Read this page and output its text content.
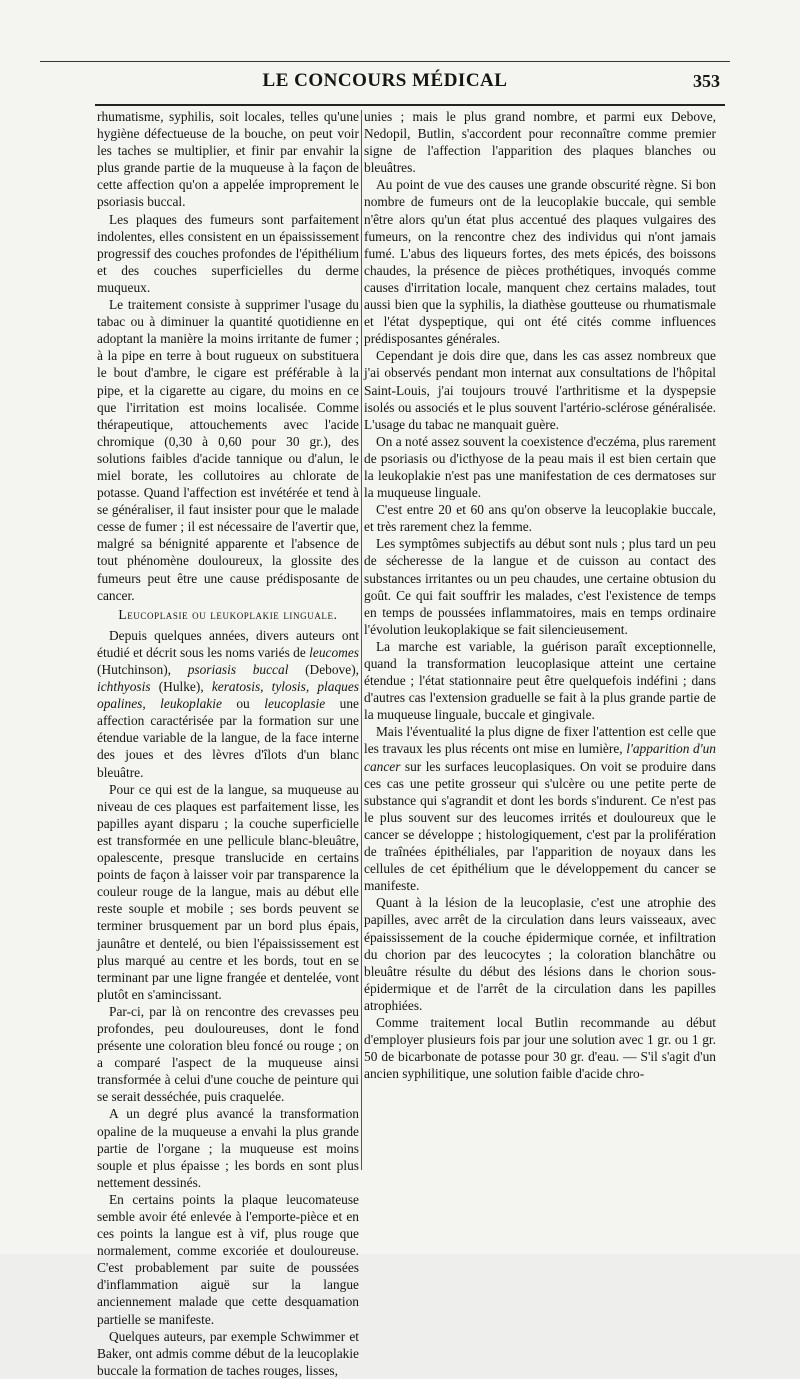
LE CONCOURS MÉDICAL	353

rhumatisme, syphilis, soit locales, telles qu'une hygiène défectueuse de la bouche, on peut voir les taches se multiplier, et finir par envahir la plus grande partie de la muqueuse à la façon de cette affection qu'on a appelée improprement le psoriasis buccal.

Les plaques des fumeurs sont parfaitement indolentes, elles consistent en un épaississement progressif des couches profondes de l'épithélium et des couches superficielles du derme muqueux.

Le traitement consiste à supprimer l'usage du tabac ou à diminuer la quantité quotidienne en adoptant la manière la moins irritante de fumer ; à la pipe en terre à bout rugueux on substituera le bout d'ambre, le cigare est préférable à la pipe, et la cigarette au cigare, du moins en ce que l'irritation est moins localisée. Comme thérapeutique, attouchements avec l'acide chromique (0,30 à 0,60 pour 30 gr.), des solutions faibles d'acide tannique ou d'alun, le miel borate, les collutoires au chlorate de potasse. Quand l'affection est invétérée et tend à se généraliser, il faut insister pour que le malade cesse de fumer ; il est nécessaire de l'avertir que, malgré sa bénignité apparente et l'absence de tout phénomène douloureux, la glossite des fumeurs peut être une cause prédisposante de cancer.

Leucoplasie ou leukoplakie linguale.

Depuis quelques années, divers auteurs ont étudié et décrit sous les noms variés de leucomes (Hutchinson), psoriasis buccal (Debove), ichthyosis (Hulke), keratosis, tylosis, plaques opalines, leukoplakie ou leucoplasie une affection caractérisée par la formation sur une étendue variable de la langue, de la face interne des joues et des lèvres d'îlots d'un blanc bleuâtre.

Pour ce qui est de la langue, sa muqueuse au niveau de ces plaques est parfaitement lisse, les papilles ayant disparu ; la couche superficielle est transformée en une pellicule blanc-bleuâtre, opalescente, presque translucide en certains points de façon à laisser voir par transparence la couleur rouge de la langue, mais au début elle reste souple et mobile ; ses bords peuvent se terminer brusquement par un bord plus épais, jaunâtre et dentelé, ou bien l'épaississement est plus marqué au centre et les bords, tout en se terminant par une ligne frangée et dentelée, vont plutôt en s'amincissant.

Par-ci, par là on rencontre des crevasses peu profondes, peu douloureuses, dont le fond présente une coloration bleu foncé ou rouge ; on a comparé l'aspect de la muqueuse ainsi transformée à celui d'une couche de peinture qui se serait desséchée, puis craquelée.

A un degré plus avancé la transformation opaline de la muqueuse a envahi la plus grande partie de l'organe ; la muqueuse est moins souple et plus épaisse ; les bords en sont plus nettement dessinés.

En certains points la plaque leucomateuse semble avoir été enlevée à l'emporte-pièce et en ces points la langue est à vif, plus rouge que normalement, comme excoriée et douloureuse. C'est probablement par suite de poussées d'inflammation aiguë sur la langue anciennement malade que cette desquamation partielle se manifeste.

Quelques auteurs, par exemple Schwimmer et Baker, ont admis comme début de la leucoplakie buccale la formation de taches rouges, lisses,

unies ; mais le plus grand nombre, et parmi eux Debove, Nedopil, Butlin, s'accordent pour reconnaître comme premier signe de l'affection l'apparition des plaques blanches ou bleuâtres.

Au point de vue des causes une grande obscurité règne. Si bon nombre de fumeurs ont de la leucoplakie buccale, qui semble n'être alors qu'un état plus accentué des plaques vulgaires des fumeurs, on la rencontre chez des individus qui n'ont jamais fumé. L'abus des liqueurs fortes, des mets épicés, des boissons chaudes, la présence de pièces prothétiques, invoqués comme causes d'irritation locale, manquent chez certains malades, tout aussi bien que la syphilis, la diathèse goutteuse ou rhumatismale et l'état dyspeptique, qui ont été cités comme influences prédisposantes générales.

Cependant je dois dire que, dans les cas assez nombreux que j'ai observés pendant mon internat aux consultations de l'hôpital Saint-Louis, j'ai toujours trouvé l'arthritisme et la dyspepsie isolés ou associés et le plus souvent l'artério-sclérose généralisée. L'usage du tabac ne manquait guère.

On a noté assez souvent la coexistence d'eczéma, plus rarement de psoriasis ou d'icthyose de la peau mais il est bien certain que la leukoplakie n'est pas une manifestation de ces dermatoses sur la muqueuse linguale.

C'est entre 20 et 60 ans qu'on observe la leucoplakie buccale, et très rarement chez la femme.

Les symptômes subjectifs au début sont nuls ; plus tard un peu de sécheresse de la langue et de cuisson au contact des substances irritantes ou un peu chaudes, une certaine obtusion du goût. Ce qui fait souffrir les malades, c'est l'existence de temps en temps de poussées inflammatoires, mais en temps ordinaire l'évolution leukoplakique se fait silencieusement.

La marche est variable, la guérison paraît exceptionnelle, quand la transformation leucoplasique atteint une certaine étendue ; l'état stationnaire peut être quelquefois indéfini ; dans d'autres cas l'extension graduelle se fait à la plus grande partie de la muqueuse linguale, buccale et gingivale.

Mais l'éventualité la plus digne de fixer l'attention est celle que les travaux les plus récents ont mise en lumière, l'apparition d'un cancer sur les surfaces leucoplasiques. On voit se produire dans ces cas une petite grosseur qui s'ulcère ou une petite perte de substance qui s'agrandit et dont les bords s'indurent. Ce n'est pas le plus souvent sur des leucomes irrités et douloureux que le cancer se développe ; histologiquement, c'est par la prolifération de traînées épithéliales, par l'apparition de noyaux dans les cellules de cet épithélium que le développement du cancer se manifeste.

Quant à la lésion de la leucoplasie, c'est une atrophie des papilles, avec arrêt de la circulation dans leurs vaisseaux, avec épaississement de la couche épidermique cornée, et infiltration du chorion par des leucocytes ; la coloration blanchâtre ou bleuâtre résulte du début des lésions dans le chorion sous-épidermique et de l'arrêt de la circulation dans les papilles atrophiées.

Comme traitement local Butlin recommande au début d'employer plusieurs fois par jour une solution avec 1 gr. ou 1 gr. 50 de bicarbonate de potasse pour 30 gr. d'eau. — S'il s'agit d'un ancien syphilitique, une solution faible d'acide chro-
